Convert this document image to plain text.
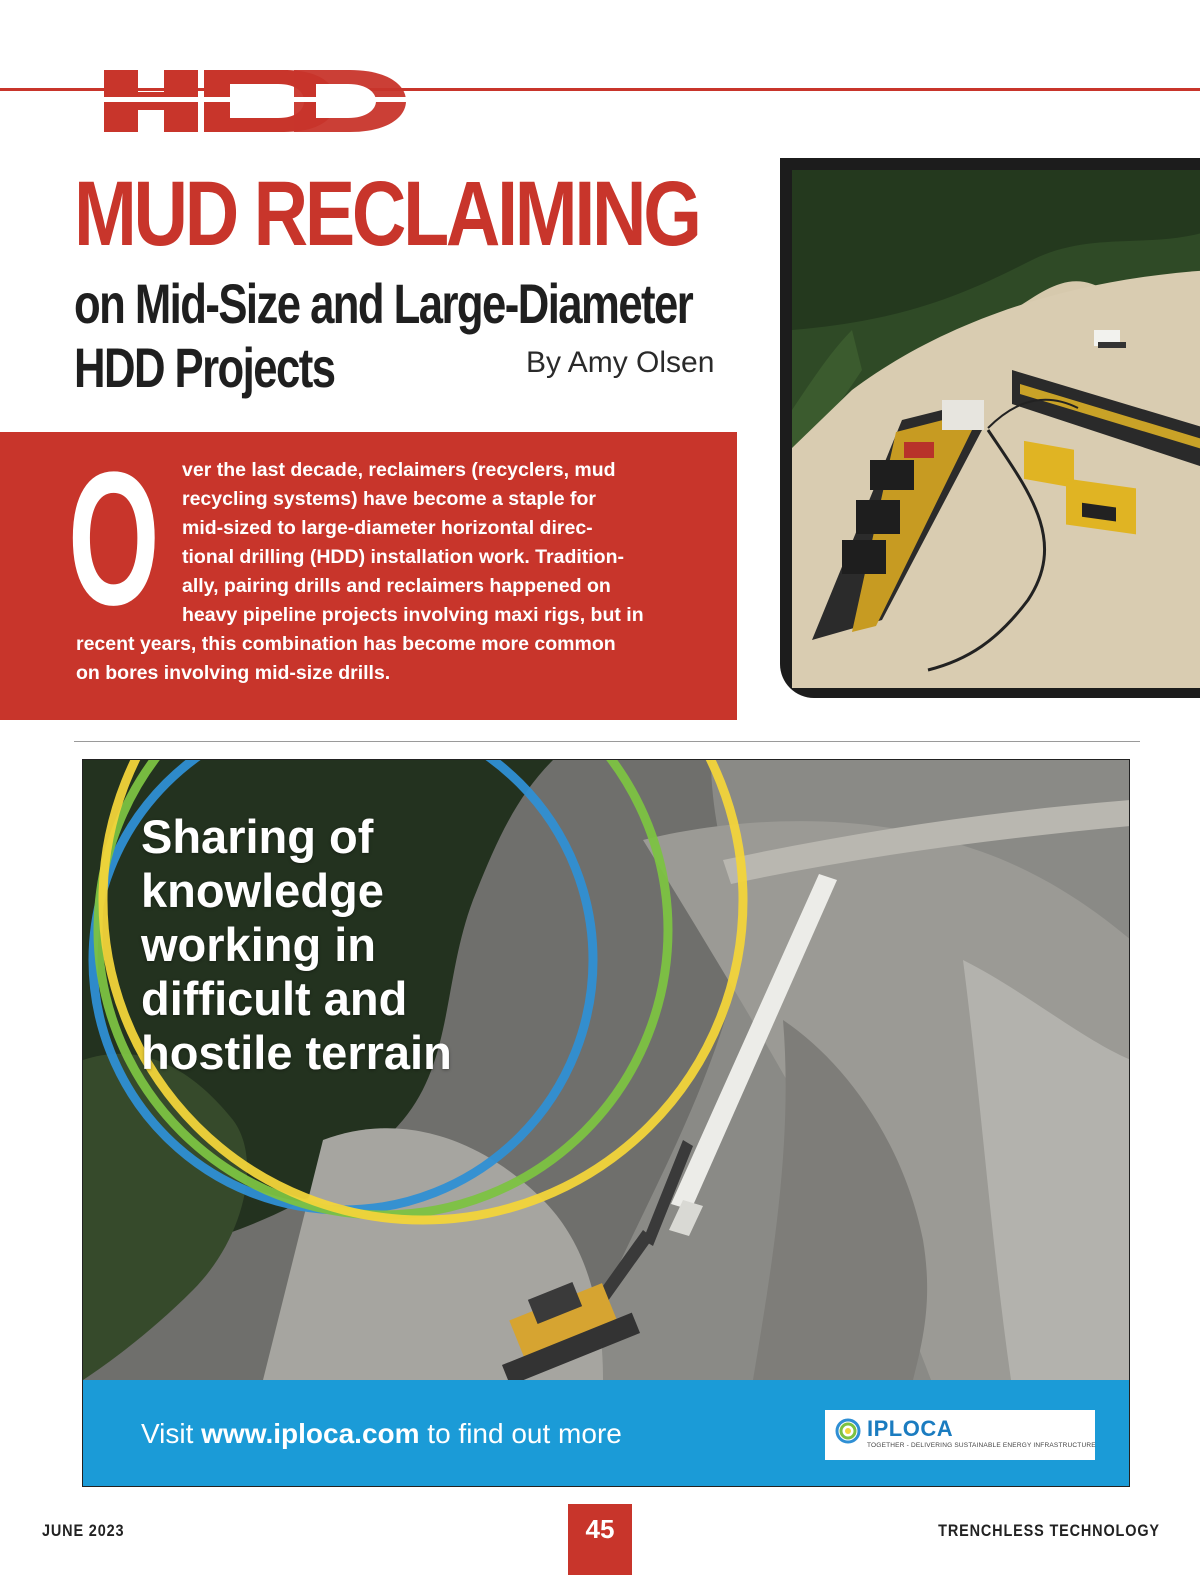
MUD RECLAIMING
on Mid-Size and Large-Diameter
HDD Projects	By Amy Olsen
O	ver the last decade, reclaimers (recyclers, mud
recycling systems) have become a staple for
mid-sized to large-diameter horizontal direc-
tional drilling (HDD) installation work. Tradition-
ally, pairing drills and reclaimers happened on
heavy pipeline projects involving maxi rigs, but in
recent years, this combination has become more common
on bores involving mid-size drills.
Sharing of
knowledge
working in
difficult and
hostile terrain
Visit www.iploca.com to find out more	IPLOCA
TOGETHER - DELIVERING SUSTAINABLE ENERGY INFRASTRUCTURE
JUNE 2023	45	TRENCHLESS TECHNOLOGY
